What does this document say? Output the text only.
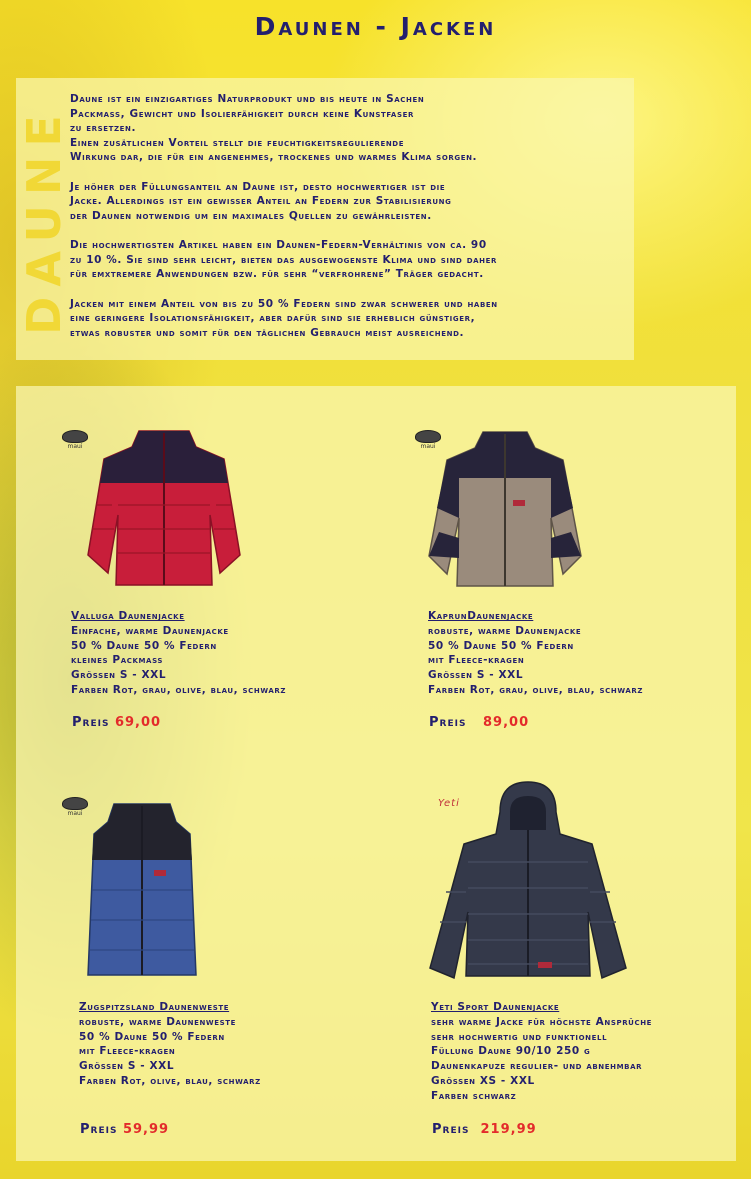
Daunen - Jacken
DAUNE

Daune ist ein einzigartiges Naturprodukt und bis heute in Sachen
Packmass, Gewicht und Isolierfähigkeit durch keine Kunstfaser
zu ersetzen.
Einen zusätlichen Vorteil stellt die feuchtigkeitsregulierende
Wirkung dar, die für ein angenehmes, trockenes und warmes Klima sorgen.

Je höher der Füllungsanteil an Daune ist, desto hochwertiger ist die
Jacke. Allerdings ist ein gewisser Anteil an Federn zur Stabilisierung
der Daunen notwendig um ein maximales Quellen zu gewährleisten.

Die hochwertigsten Artikel haben ein Daunen-Federn-Verhältinis von ca. 90
zu 10 %. Sie sind sehr leicht, bieten das ausgewogenste Klima und sind daher
für emxtremere Anwendungen bzw. für sehr “verfrohrene” Träger gedacht.

Jacken mit einem Anteil von bis zu 50 % Federn sind zwar schwerer und haben
eine geringere Isolationsfähigkeit, aber dafür sind sie erheblich günstiger,
etwas robuster und somit für den täglichen Gebrauch meist ausreichend.

maui
Valluga Daunenjacke
Einfache, warme Daunenjacke
50 % Daune 50 % Federn
kleines Packmass
Grössen S - XXL
Farben Rot, grau, olive, blau, schwarz
Preis 69,00
maui
KaprunDaunenjacke
robuste, warme Daunenjacke
50 % Daune 50 % Federn
mit Fleece-kragen
Grössen S - XXL
Farben Rot, grau, olive, blau, schwarz
Preis 89,00
maui
Zugspitzsland Daunenweste
robuste, warme Daunenweste
50 % Daune 50 % Federn
mit Fleece-kragen
Grössen S - XXL
Farben Rot, olive, blau, schwarz
Preis 59,99
Yeti
Yeti Sport Daunenjacke
sehr warme Jacke für höchste Ansprüche
sehr hochwertig und funktionell
Füllung Daune 90/10 250 g
Daunenkapuze regulier- und abnehmbar
Grössen XS - XXL
Farben schwarz
Preis 219,99
